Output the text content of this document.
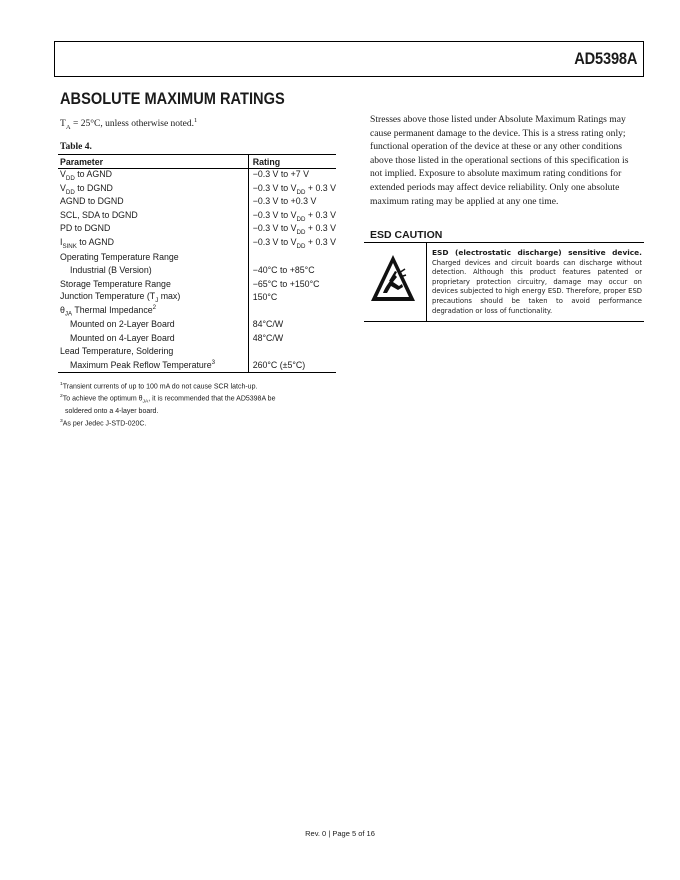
AD5398A
ABSOLUTE MAXIMUM RATINGS
$T_A = 25^\circ C$, unless otherwise noted.$^1$
Table 4.
Parameter	Rating
$V_{DD}$ to AGND	−0.3 V to +7 V
$V_{DD}$ to DGND	−0.3 V to $V_{DD} + 0.3$ V
AGND to DGND	−0.3 V to +0.3 V
SCL, SDA to DGND	−0.3 V to $V_{DD} + 0.3$ V
PD to DGND	−0.3 V to $V_{DD} + 0.3$ V
$I_{SINK}$ to AGND	−0.3 V to $V_{DD} + 0.3$ V
Operating Temperature Range	
Industrial (B Version)	−40°C to +85°C
Storage Temperature Range	−65°C to +150°C
Junction Temperature ($T_J$ max)	150°C
$\theta_{JA}$ Thermal Impedance$^2$	
Mounted on 2-Layer Board	84°C/W
Mounted on 4-Layer Board	48°C/W
Lead Temperature, Soldering	
Maximum Peak Reflow Temperature$^3$	260°C (±5°C)
$^1$Transient currents of up to 100 mA do not cause SCR latch-up.
$^2$To achieve the optimum $\theta_{JA}$, it is recommended that the AD5398A be
soldered onto a 4-layer board.
$^3$As per Jedec J-STD-020C.
Stresses above those listed under Absolute Maximum Ratings may cause permanent damage to the device. This is a stress rating only; functional operation of the device at these or any other conditions above those listed in the operational sections of this specification is not implied. Exposure to absolute maximum rating conditions for extended periods may affect device reliability. Only one absolute maximum rating may be applied at any one time.
ESD CAUTION
ESD (electrostatic discharge) sensitive device. Charged devices and circuit boards can discharge without detection. Although this product features patented or proprietary protection circuitry, damage may occur on devices subjected to high energy ESD. Therefore, proper ESD precautions should be taken to avoid performance degradation or loss of functionality.
Rev. 0 | Page 5 of 16
